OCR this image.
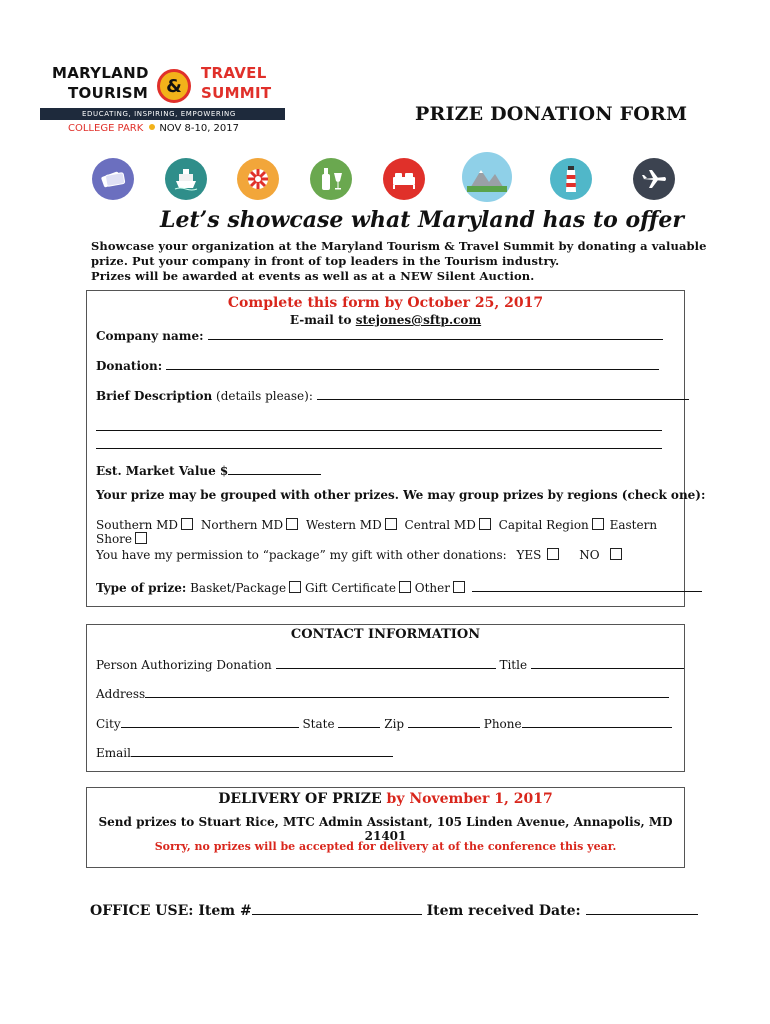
MARYLAND
TOURISM	&
TRAVEL
SUMMIT
EDUCATING, INSPIRING, EMPOWERING
COLLEGE PARK NOV 8-10, 2017
PRIZE DONATION FORM
Let’s showcase what Maryland has to offer
Showcase your organization at the Maryland Tourism & Travel Summit by donating a valuable
prize. Put your company in front of top leaders in the Tourism industry.
Prizes will be awarded at events as well as at a NEW Silent Auction.
Complete this form by October 25, 2017
E-mail to stejones@sftp.com
Company name:
Donation:
Brief Description (details please):
Est. Market Value $
Your prize may be grouped with other prizes. We may group prizes by regions (check one):
Southern MD Northern MD Western MD Central MD Capital Region Eastern Shore
You have my permission to “package” my gift with other donations: YES	NO
Type of prize: Basket/Package Gift Certificate Other
CONTACT INFORMATION
Person Authorizing Donation	Title
Address
City	State	Zip	Phone
Email
DELIVERY OF PRIZE by November 1, 2017
Send prizes to Stuart Rice, MTC Admin Assistant, 105 Linden Avenue, Annapolis, MD 21401
Sorry, no prizes will be accepted for delivery at of the conference this year.
OFFICE USE: Item #	Item received Date:
